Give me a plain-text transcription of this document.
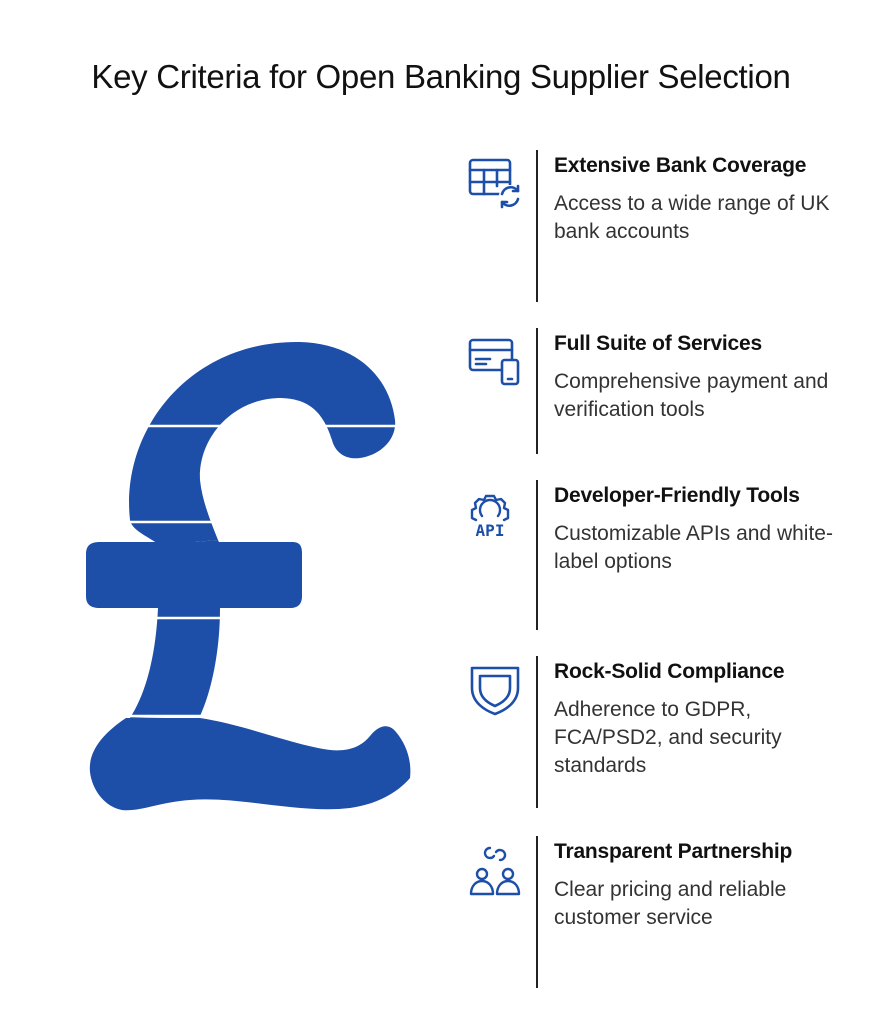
Key Criteria for Open Banking Supplier Selection
Extensive Bank Coverage
Access to a wide range of UK bank accounts
Full Suite of Services
Comprehensive payment and verification tools
API
Developer-Friendly Tools
Customizable APIs and white-label options
Rock-Solid Compliance
Adherence to GDPR, FCA/PSD2, and security standards
Transparent Partnership
Clear pricing and reliable customer service
